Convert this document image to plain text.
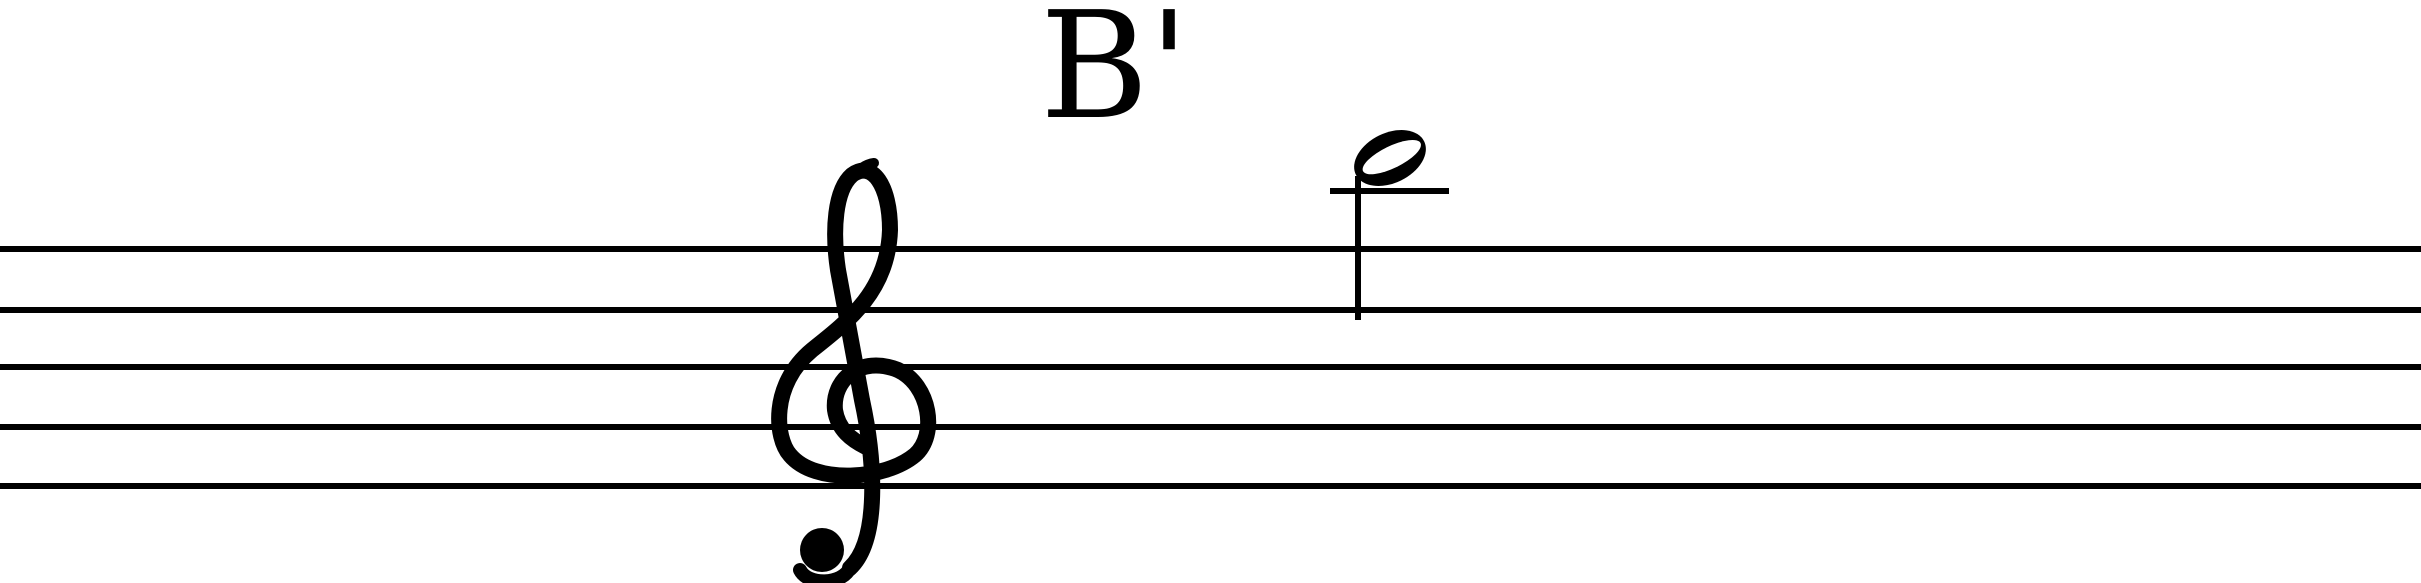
B'
